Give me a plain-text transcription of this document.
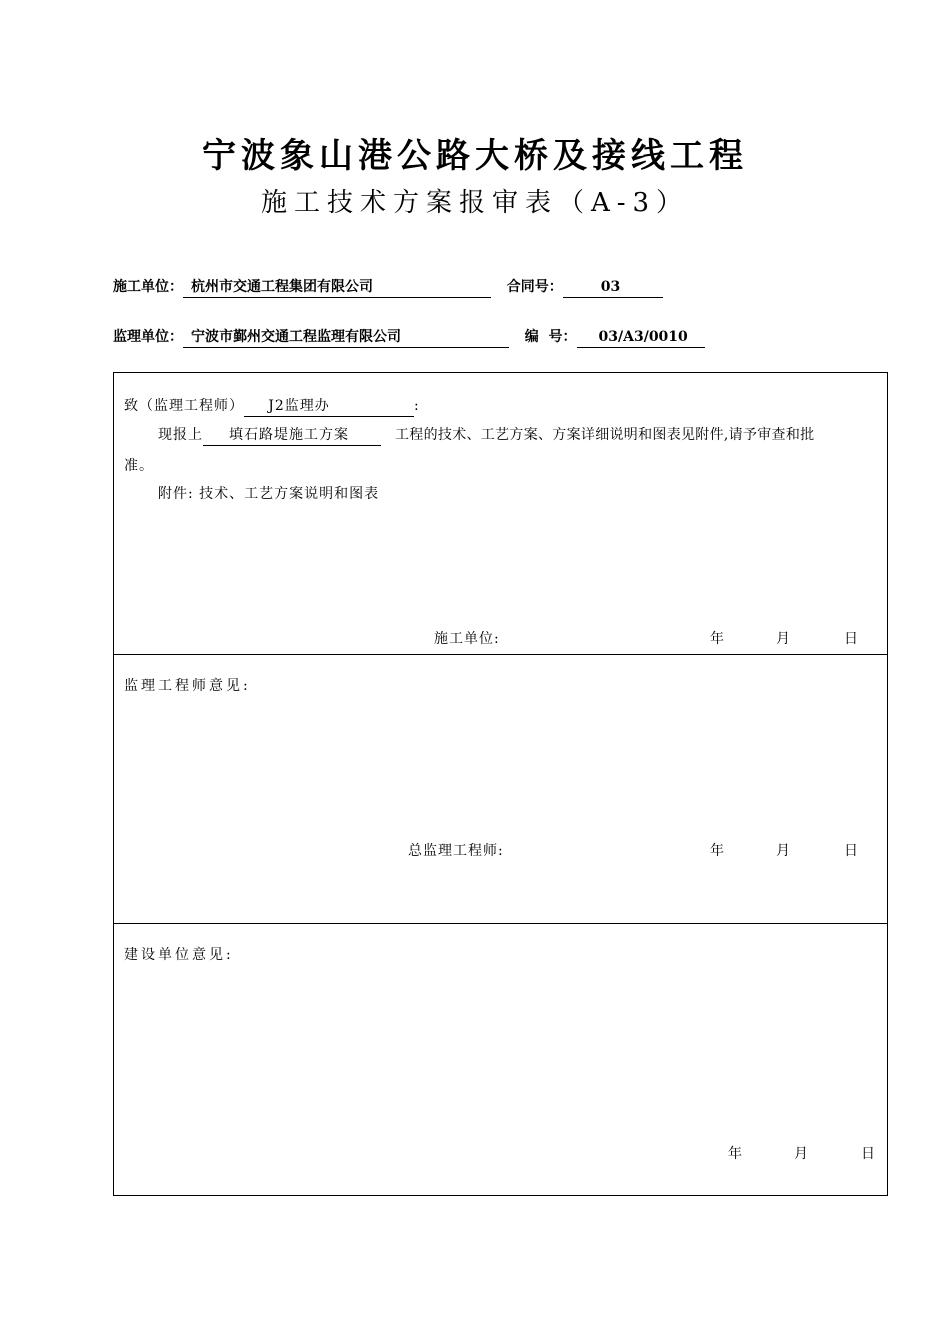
宁波象山港公路大桥及接线工程
施工技术方案报审表（A-3）
施工单位： 杭州市交通工程集团有限公司	合同号：	03
监理单位： 宁波市鄞州交通工程监理有限公司	编  号： 03/A3/0010
致（监理工程师） J2监理办	:
现报上 填石路堤施工方案	工程的技术、工艺方案、方案详细说明和图表见附件,请予审查和批
准。
附件: 技术、工艺方案说明和图表
施工单位:	年	月	日
监理工程师意见:
总监理工程师:	年	月	日
建设单位意见:
年	月	日
